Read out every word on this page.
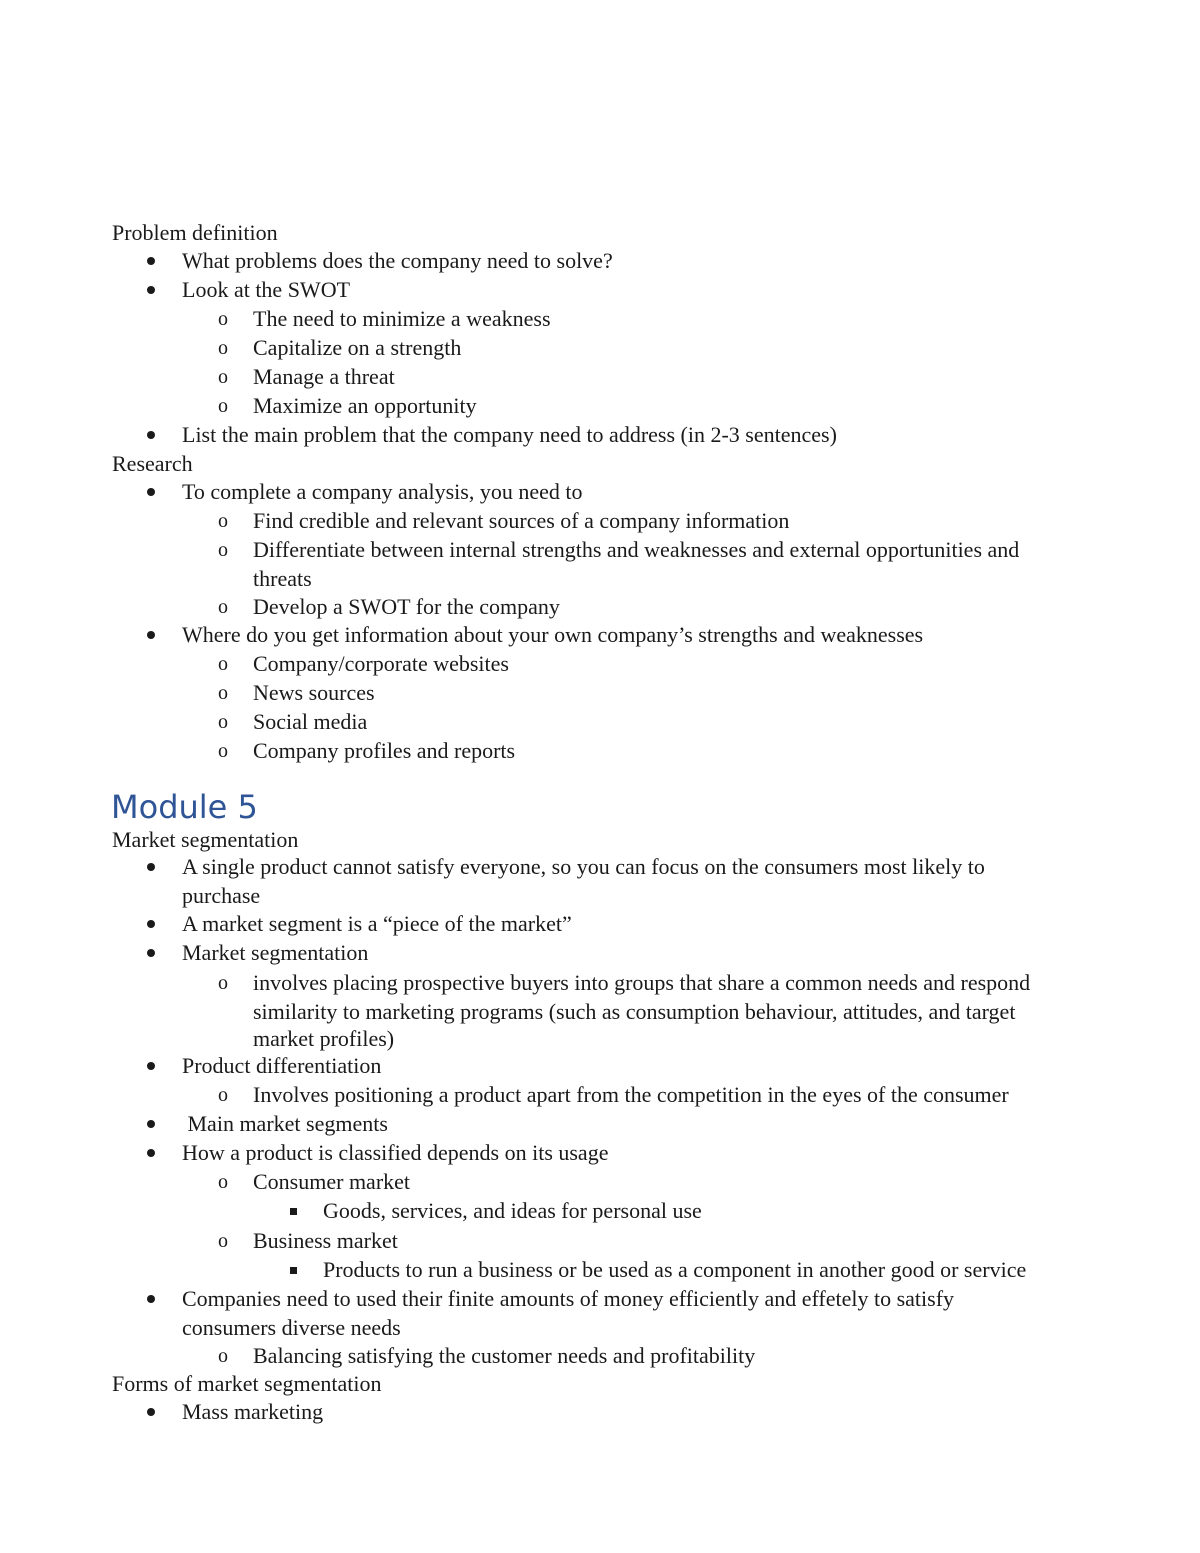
Problem definition
What problems does the company need to solve?
Look at the SWOT
o The need to minimize a weakness
o Capitalize on a strength
o Manage a threat
o Maximize an opportunity
List the main problem that the company need to address (in 2-3 sentences)
Research
To complete a company analysis, you need to
o Find credible and relevant sources of a company information
o Differentiate between internal strengths and weaknesses and external opportunities and
threats
o Develop a SWOT for the company
Where do you get information about your own company’s strengths and weaknesses
o Company/corporate websites
o News sources
o Social media
o Company profiles and reports
Module 5
Market segmentation
A single product cannot satisfy everyone, so you can focus on the consumers most likely to
purchase
A market segment is a “piece of the market”
Market segmentation
o involves placing prospective buyers into groups that share a common needs and respond
similarity to marketing programs (such as consumption behaviour, attitudes, and target
market profiles)
Product differentiation
o Involves positioning a product apart from the competition in the eyes of the consumer
Main market segments
How a product is classified depends on its usage
o Consumer market
Goods, services, and ideas for personal use
o Business market
Products to run a business or be used as a component in another good or service
Companies need to used their finite amounts of money efficiently and effetely to satisfy
consumers diverse needs
o Balancing satisfying the customer needs and profitability
Forms of market segmentation
Mass marketing
